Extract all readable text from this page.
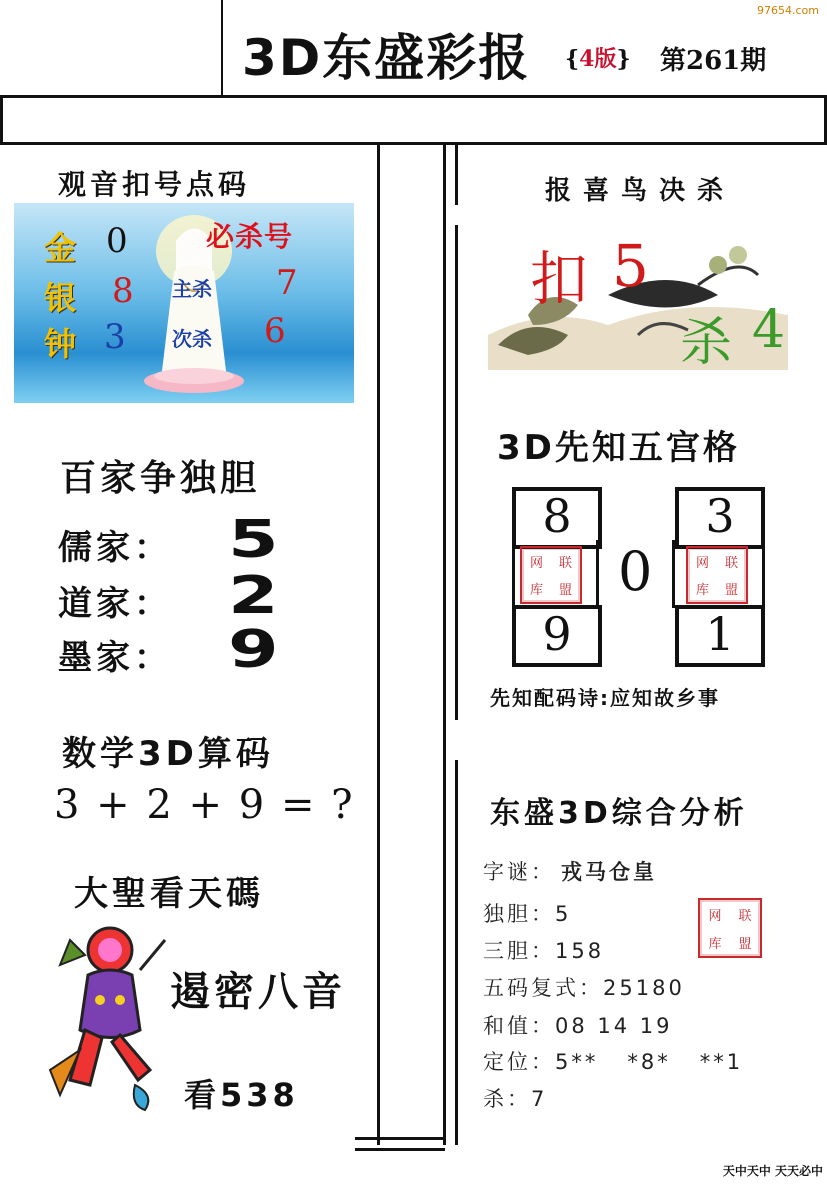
97654.com
3D东盛彩报 {4版} 第261期
观音扣号点码
金 0
银 8
钟 3
必杀号
主杀 7
次杀 6
百家争独胆
儒家： 5
道家： 2
墨家： 9
数学3D算码
3 + 2 + 9 = ?
大聖看天碼
遏密八音
看538
报喜鸟决杀
扣 5
杀 4
3D先知五宫格
8	3
0
9	1
网	联
库	盟
网	联
库	盟
先知配码诗:应知故乡事
东盛3D综合分析
字谜： 戎马仓皇
独胆：5
三胆：158
五码复式：25180
和值：08 14 19
定位：5**   *8*   **1
杀：7
网	联
库	盟
天中天中 天天必中
